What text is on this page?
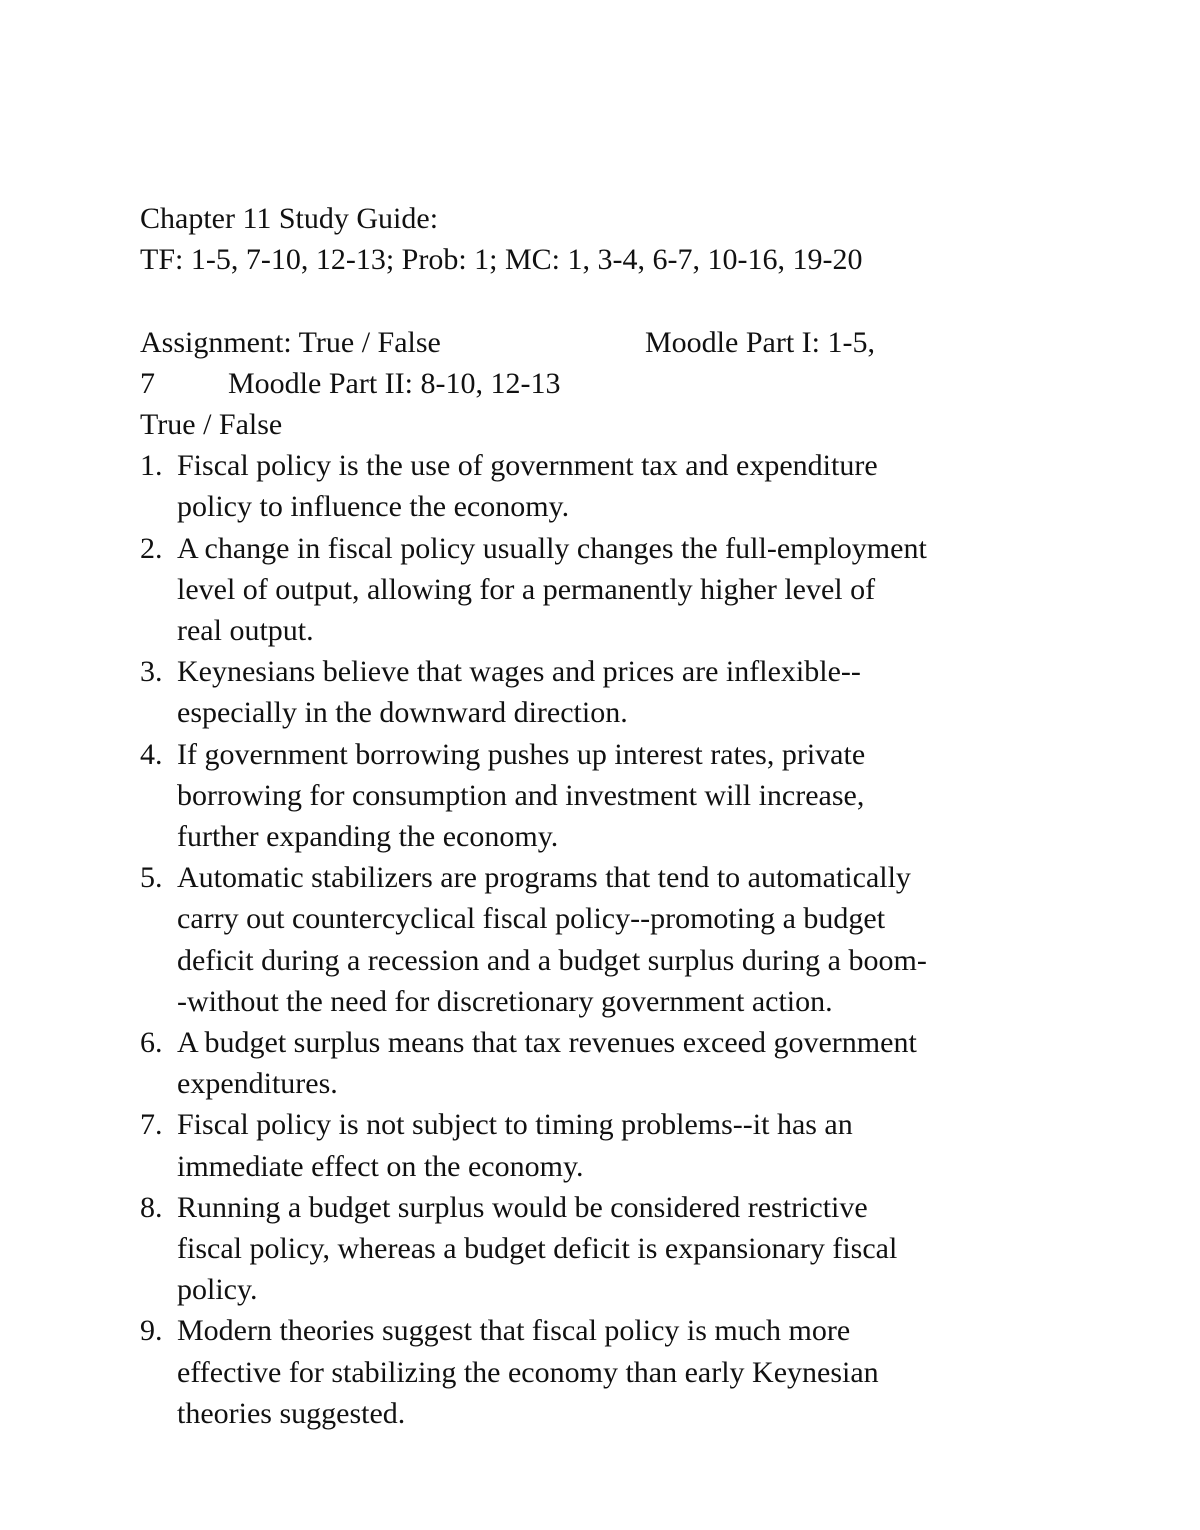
Chapter 11 Study Guide:
TF: 1-5, 7-10, 12-13; Prob: 1; MC: 1, 3-4, 6-7, 10-16, 19-20
Assignment: True / False	Moodle Part I: 1-5,
7 Moodle Part II: 8-10, 12-13
True / False
1. Fiscal policy is the use of government tax and expenditure
policy to influence the economy.
2. A change in fiscal policy usually changes the full-employment
level of output, allowing for a permanently higher level of
real output.
3. Keynesians believe that wages and prices are inflexible--
especially in the downward direction.
4. If government borrowing pushes up interest rates, private
borrowing for consumption and investment will increase,
further expanding the economy.
5. Automatic stabilizers are programs that tend to automatically
carry out countercyclical fiscal policy--promoting a budget
deficit during a recession and a budget surplus during a boom-
-without the need for discretionary government action.
6. A budget surplus means that tax revenues exceed government
expenditures.
7. Fiscal policy is not subject to timing problems--it has an
immediate effect on the economy.
8. Running a budget surplus would be considered restrictive
fiscal policy, whereas a budget deficit is expansionary fiscal
policy.
9. Modern theories suggest that fiscal policy is much more
effective for stabilizing the economy than early Keynesian
theories suggested.
